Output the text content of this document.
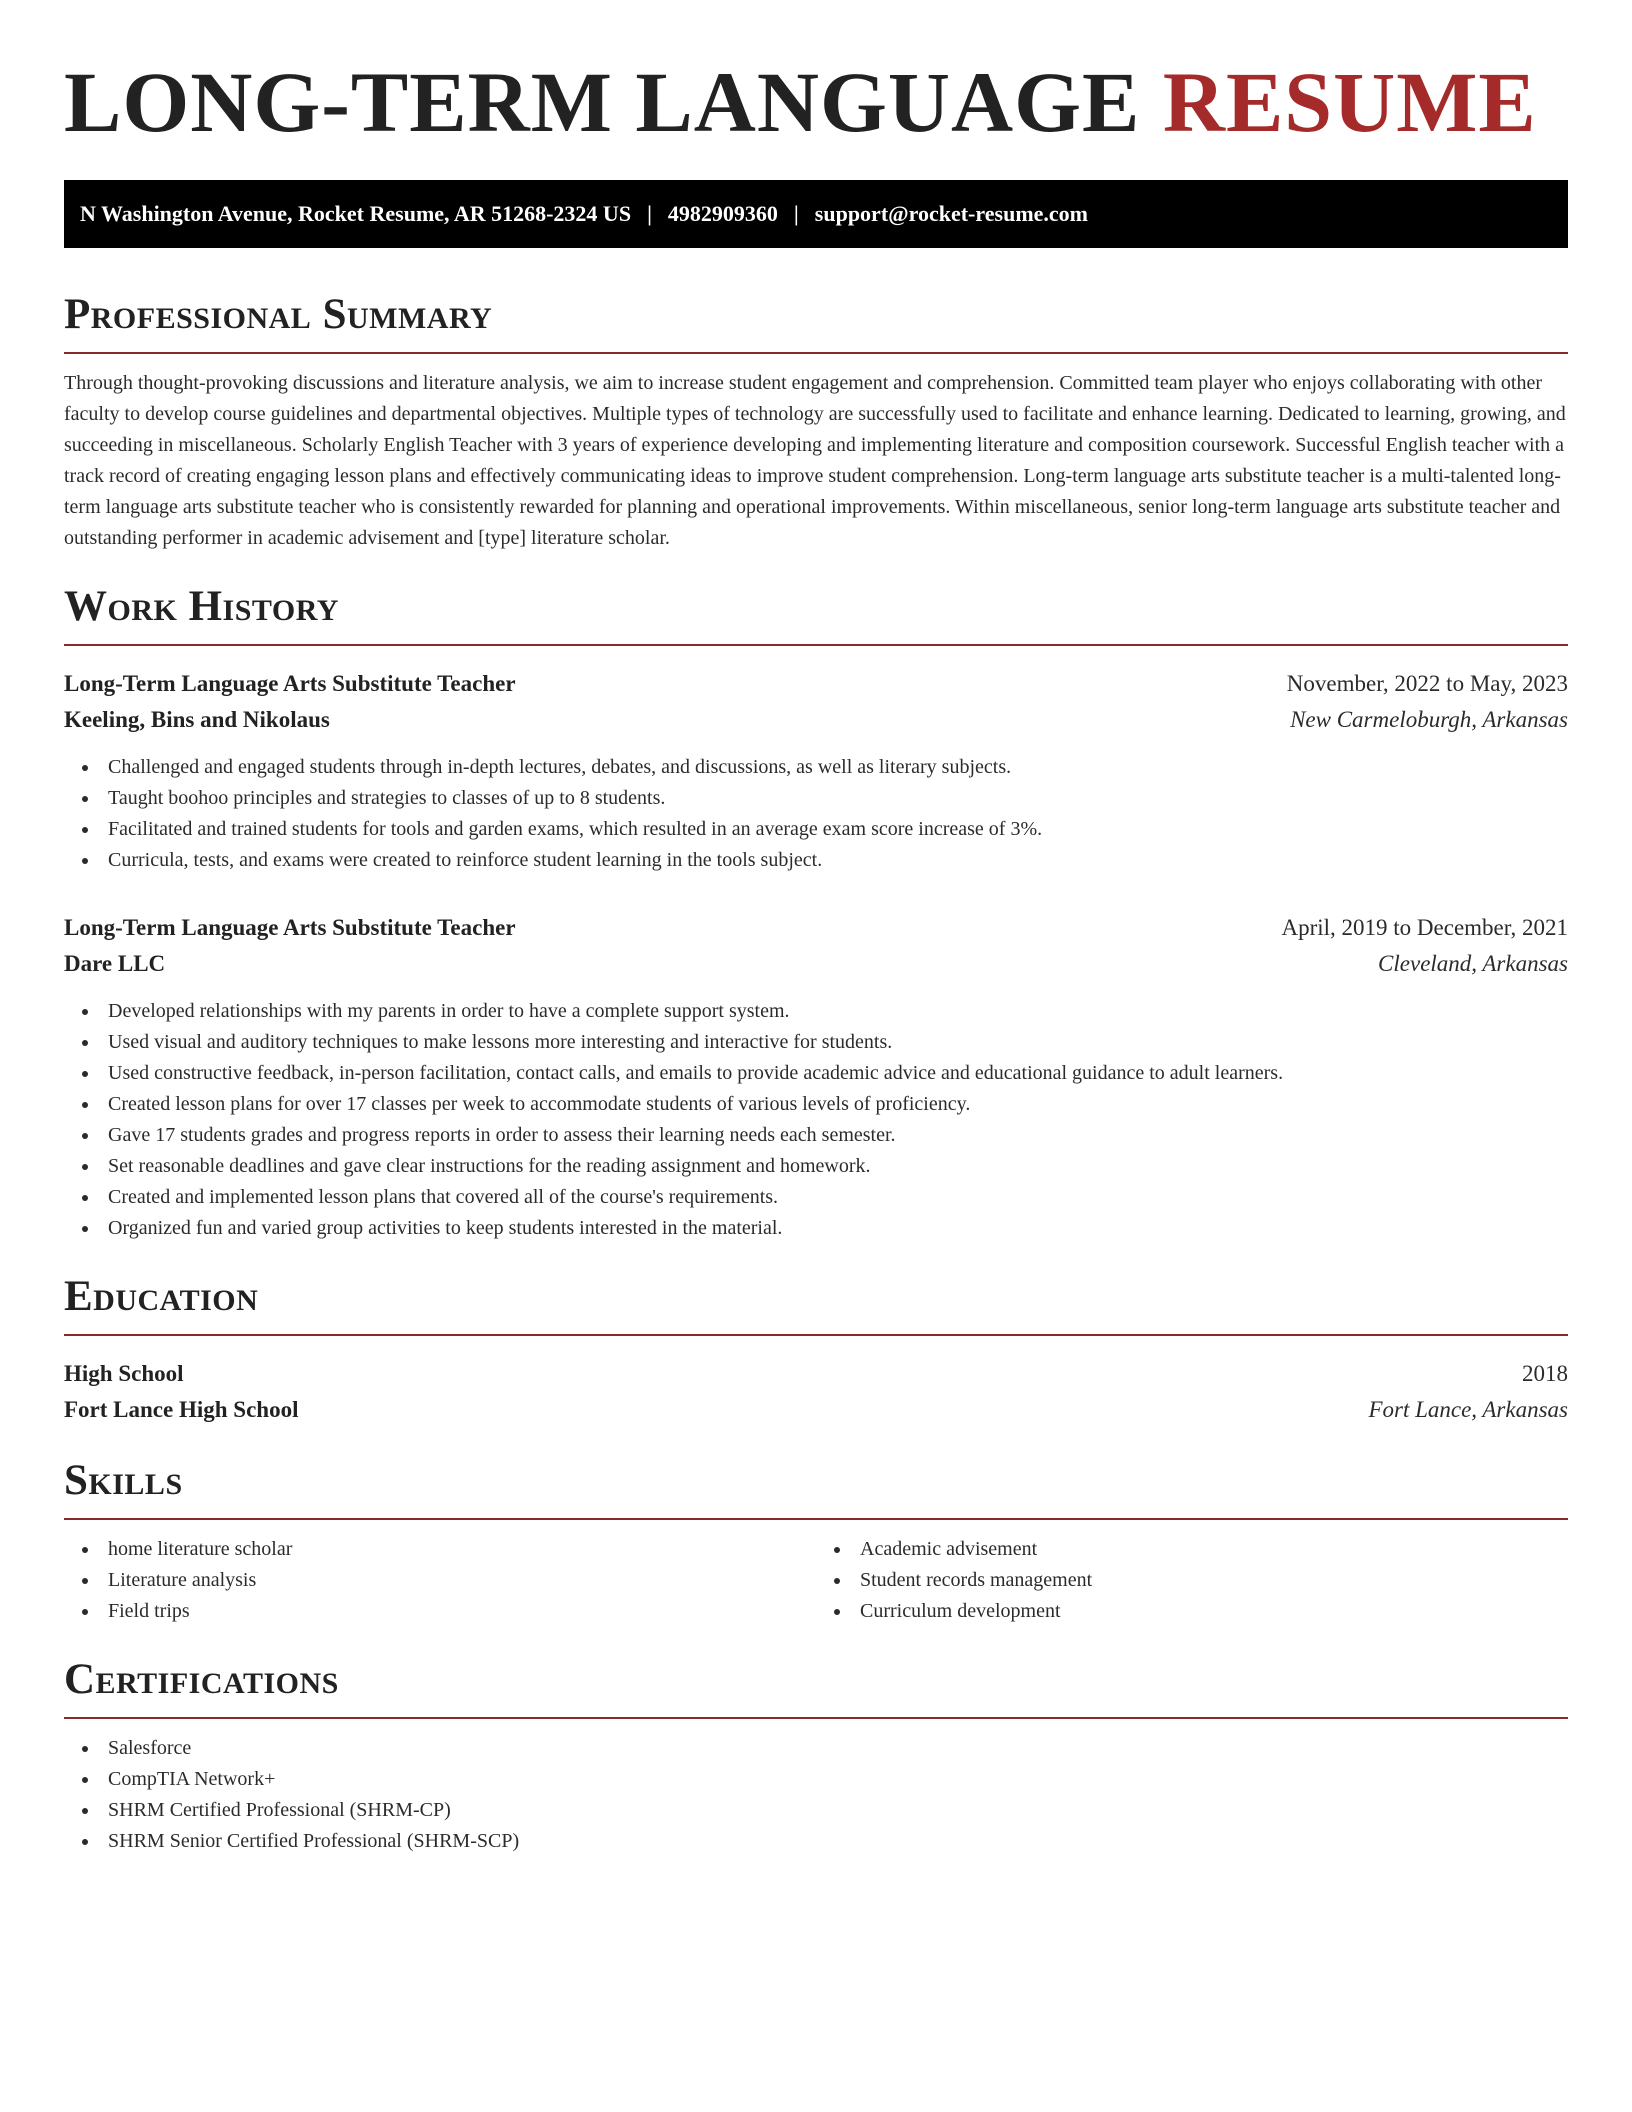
LONG-TERM LANGUAGE RESUME
N Washington Avenue, Rocket Resume, AR 51268-2324 US | 4982909360 | support@rocket-resume.com
Professional Summary

Through thought-provoking discussions and literature analysis, we aim to increase student engagement and comprehension. Committed team player who enjoys collaborating with other faculty to develop course guidelines and departmental objectives. Multiple types of technology are successfully used to facilitate and enhance learning. Dedicated to learning, growing, and succeeding in miscellaneous. Scholarly English Teacher with 3 years of experience developing and implementing literature and composition coursework. Successful English teacher with a track record of creating engaging lesson plans and effectively communicating ideas to improve student comprehension. Long-term language arts substitute teacher is a multi-talented long-term language arts substitute teacher who is consistently rewarded for planning and operational improvements. Within miscellaneous, senior long-term language arts substitute teacher and outstanding performer in academic advisement and [type] literature scholar.

Work History
Long-Term Language Arts Substitute Teacher	November, 2022 to May, 2023
Keeling, Bins and Nikolaus	New Carmeloburgh, Arkansas
Challenged and engaged students through in-depth lectures, debates, and discussions, as well as literary subjects.
Taught boohoo principles and strategies to classes of up to 8 students.
Facilitated and trained students for tools and garden exams, which resulted in an average exam score increase of 3%.
Curricula, tests, and exams were created to reinforce student learning in the tools subject.
Long-Term Language Arts Substitute Teacher	April, 2019 to December, 2021
Dare LLC	Cleveland, Arkansas
Developed relationships with my parents in order to have a complete support system.
Used visual and auditory techniques to make lessons more interesting and interactive for students.
Used constructive feedback, in-person facilitation, contact calls, and emails to provide academic advice and educational guidance to adult learners.
Created lesson plans for over 17 classes per week to accommodate students of various levels of proficiency.
Gave 17 students grades and progress reports in order to assess their learning needs each semester.
Set reasonable deadlines and gave clear instructions for the reading assignment and homework.
Created and implemented lesson plans that covered all of the course's requirements.
Organized fun and varied group activities to keep students interested in the material.
Education
High School	2018
Fort Lance High School	Fort Lance, Arkansas
Skills
home literature scholar
Literature analysis
Field trips
Academic advisement
Student records management
Curriculum development
Certifications
Salesforce
CompTIA Network+
SHRM Certified Professional (SHRM-CP)
SHRM Senior Certified Professional (SHRM-SCP)
